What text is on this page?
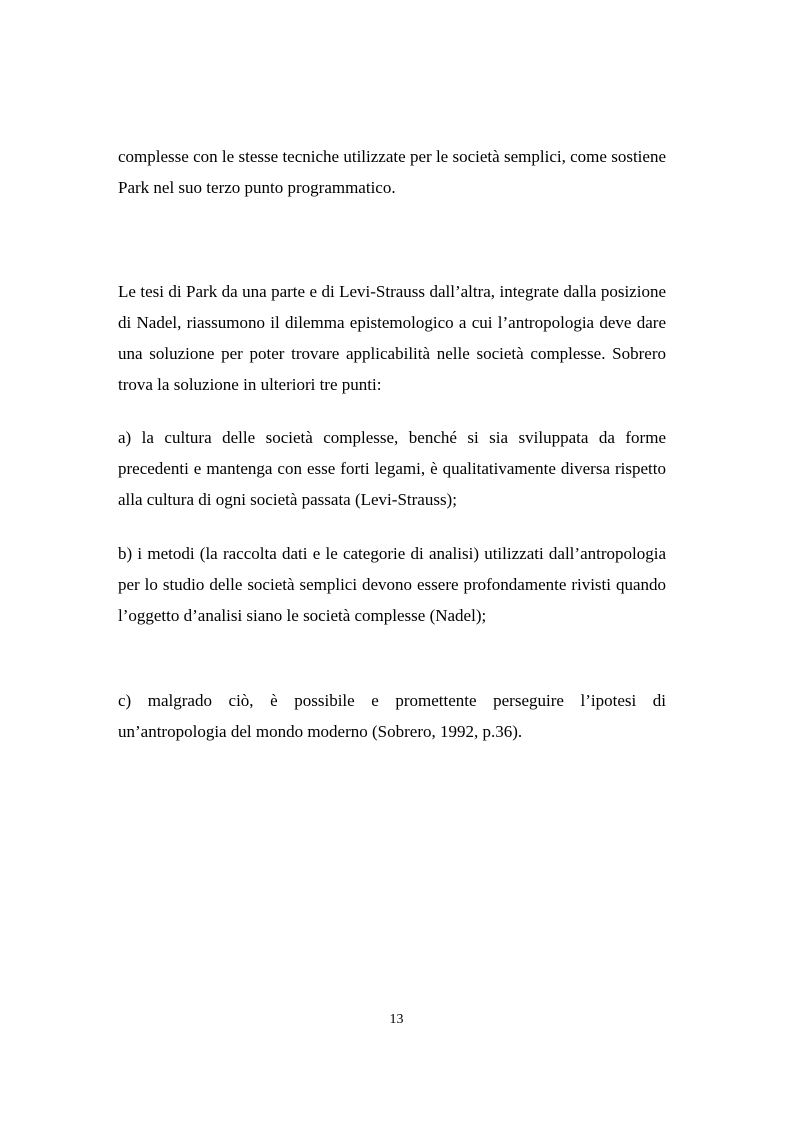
complesse con le stesse tecniche utilizzate per le società semplici, come sostiene Park nel suo terzo punto programmatico.

Le tesi di Park da una parte e di Levi-Strauss dall’altra, integrate dalla posizione di Nadel, riassumono il dilemma epistemologico a cui l’antropologia deve dare una soluzione per poter trovare applicabilità nelle società complesse. Sobrero trova la soluzione in ulteriori tre punti:

a) la cultura delle società complesse, benché si sia sviluppata da forme precedenti e mantenga con esse forti legami, è qualitativamente diversa rispetto alla cultura di ogni società passata (Levi-Strauss);

b) i metodi (la raccolta dati e le categorie di analisi) utilizzati dall’antropologia per lo studio delle società semplici devono essere profondamente rivisti quando l’oggetto d’analisi siano le società complesse (Nadel);

c) malgrado ciò, è possibile e promettente perseguire l’ipotesi di un’antropologia del mondo moderno (Sobrero, 1992, p.36).

13
